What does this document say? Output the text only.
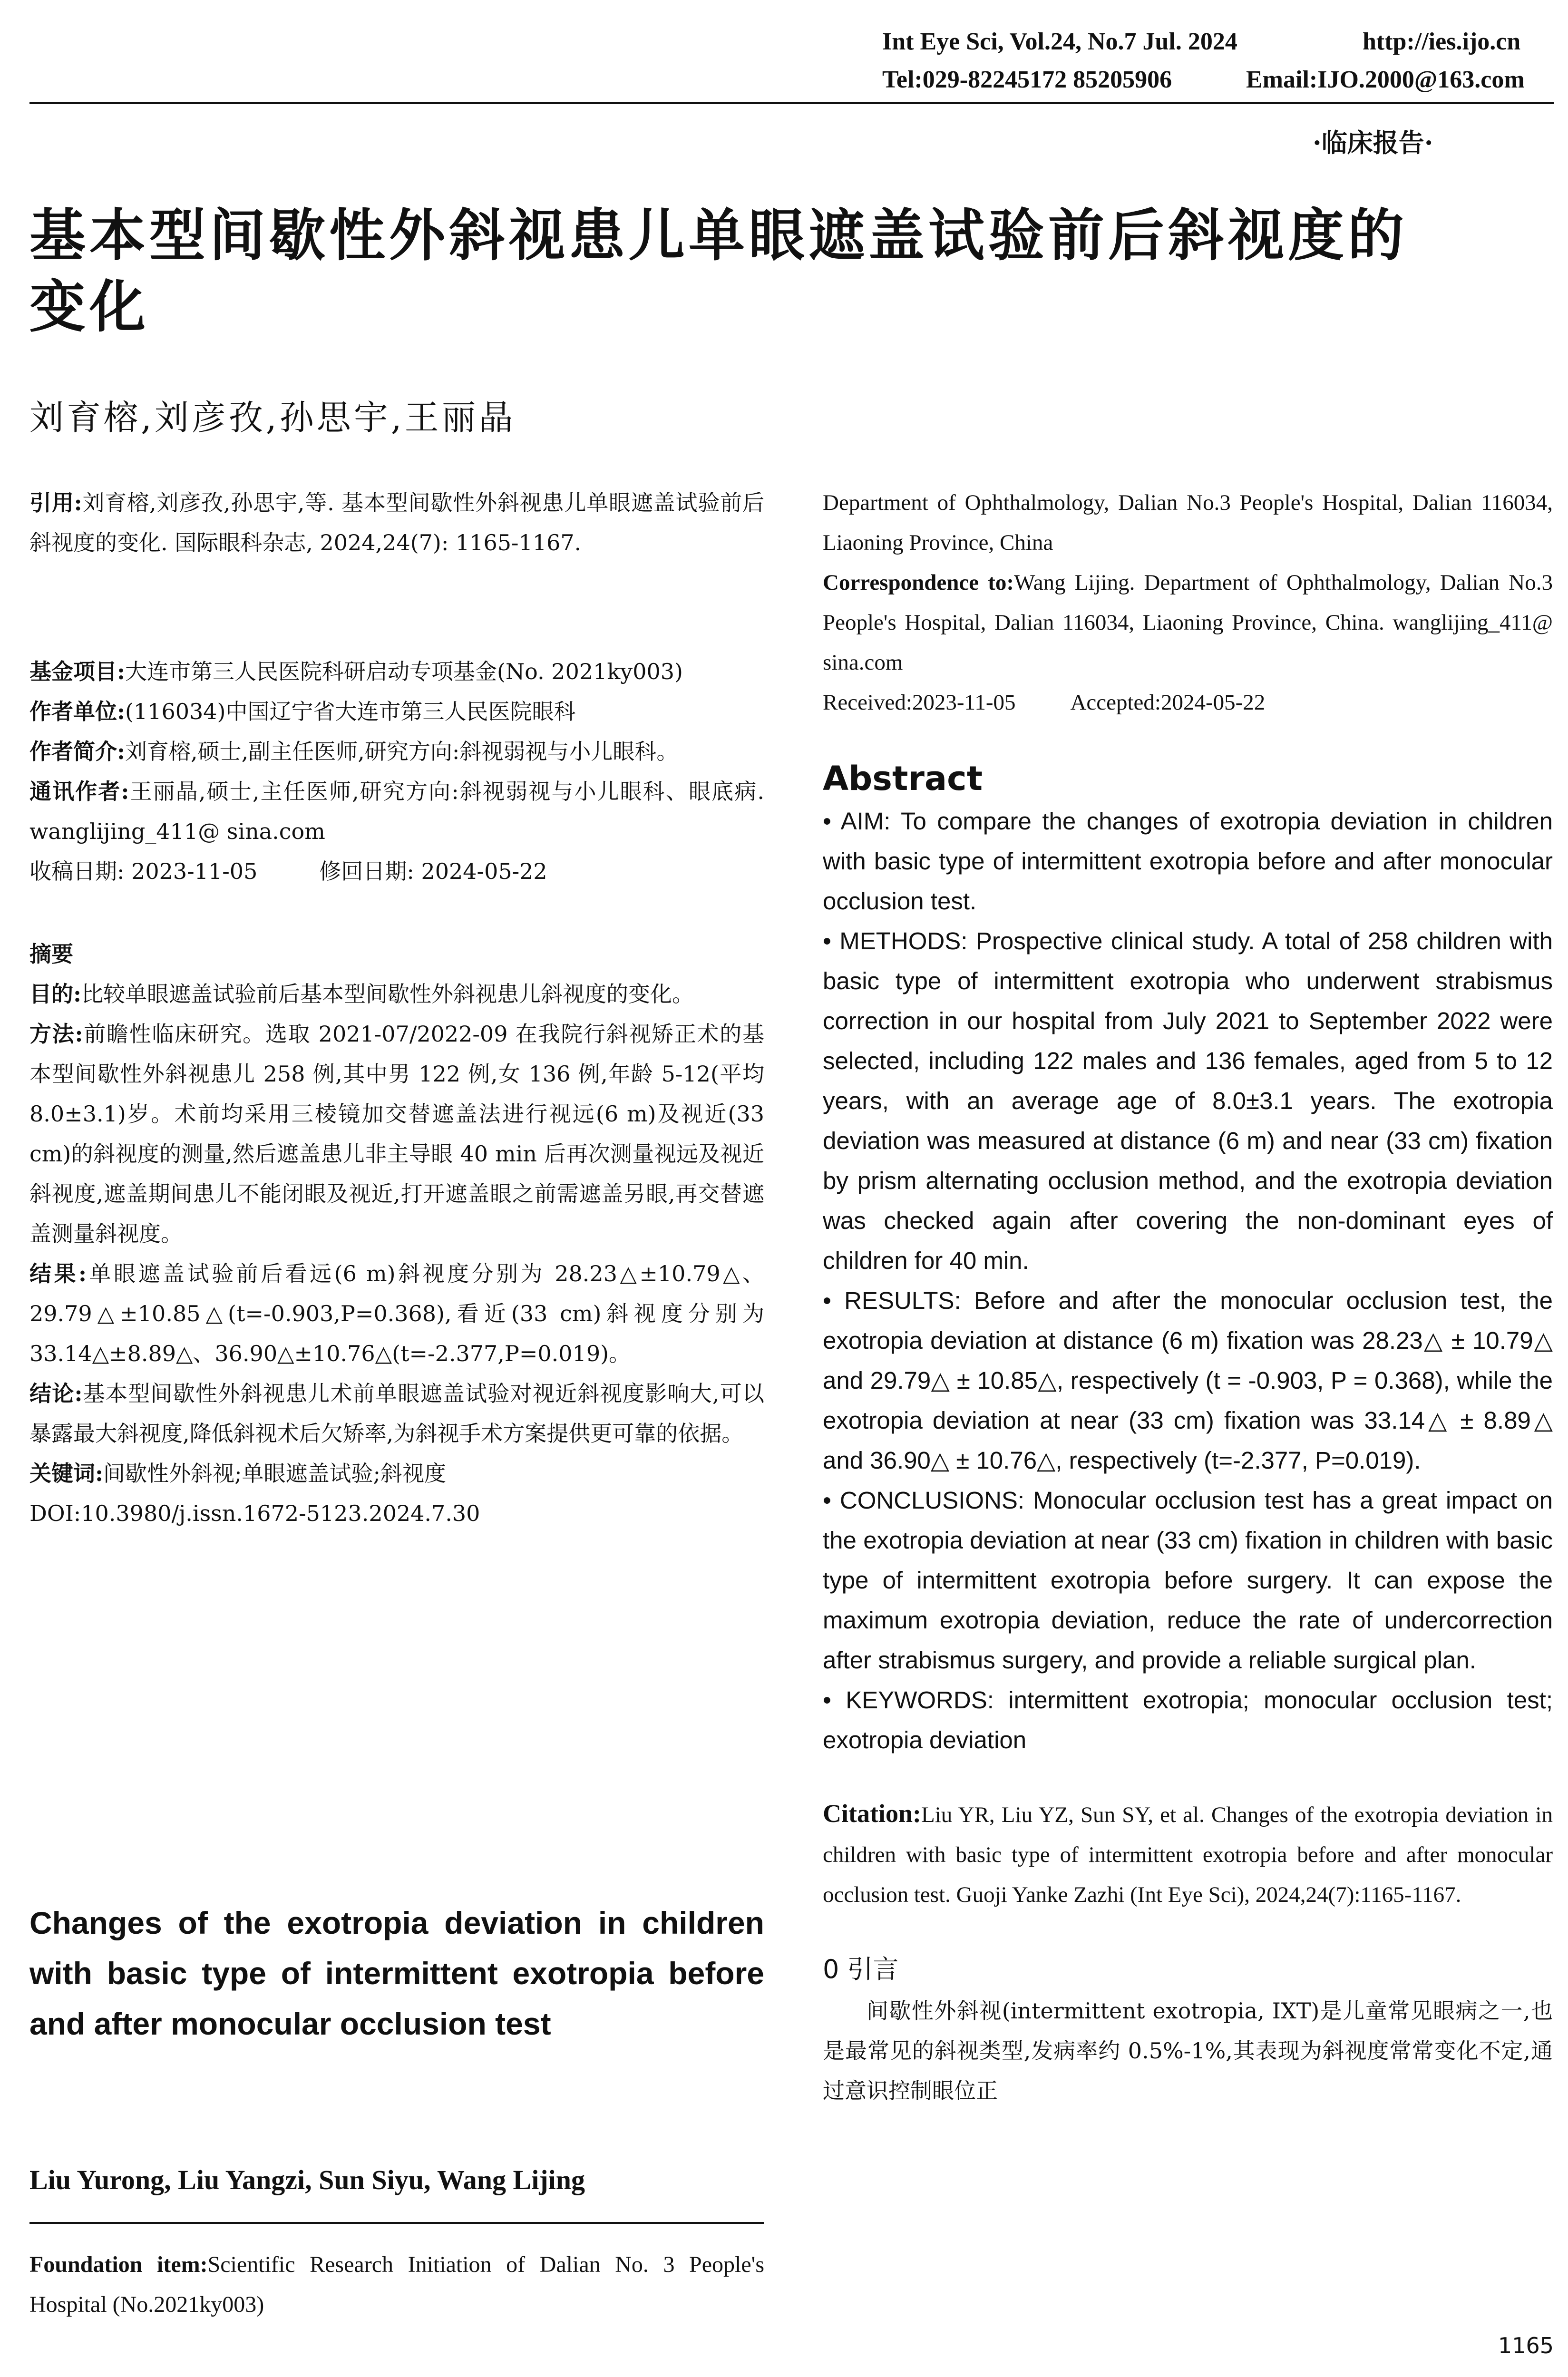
Int Eye Sci, Vol.24, No.7 Jul. 2024	http://ies.ijo.cn
Tel:029-82245172 85205906	Email:IJO.2000@163.com
·临床报告·
基本型间歇性外斜视患儿单眼遮盖试验前后斜视度的
变化
刘育榕,刘彦孜,孙思宇,王丽晶

引用:刘育榕,刘彦孜,孙思宇,等. 基本型间歇性外斜视患儿单眼遮盖试验前后斜视度的变化. 国际眼科杂志, 2024,24(7): 1165-1167.

基金项目:大连市第三人民医院科研启动专项基金(No. 2021ky003)

作者单位:(116034)中国辽宁省大连市第三人民医院眼科

作者简介:刘育榕,硕士,副主任医师,研究方向:斜视弱视与小儿眼科。

通讯作者:王丽晶,硕士,主任医师,研究方向:斜视弱视与小儿眼科、眼底病. wanglijing_411@ sina.com

收稿日期: 2023-11-05	修回日期: 2024-05-22

摘要

目的:比较单眼遮盖试验前后基本型间歇性外斜视患儿斜视度的变化。

方法:前瞻性临床研究。选取 2021-07/2022-09 在我院行斜视矫正术的基本型间歇性外斜视患儿 258 例,其中男 122 例,女 136 例,年龄 5-12(平均 8.0±3.1)岁。术前均采用三棱镜加交替遮盖法进行视远(6 m)及视近(33 cm)的斜视度的测量,然后遮盖患儿非主导眼 40 min 后再次测量视远及视近斜视度,遮盖期间患儿不能闭眼及视近,打开遮盖眼之前需遮盖另眼,再交替遮盖测量斜视度。

结果:单眼遮盖试验前后看远(6 m)斜视度分别为 28.23△±10.79△、29.79△±10.85△(t=-0.903,P=0.368),看近(33 cm)斜视度分别为 33.14△±8.89△、36.90△±10.76△(t=-2.377,P=0.019)。

结论:基本型间歇性外斜视患儿术前单眼遮盖试验对视近斜视度影响大,可以暴露最大斜视度,降低斜视术后欠矫率,为斜视手术方案提供更可靠的依据。

关键词:间歇性外斜视;单眼遮盖试验;斜视度

DOI:10.3980/j.issn.1672-5123.2024.7.30

Changes of the exotropia deviation in children with basic type of intermittent exotropia before and after monocular occlusion test
Liu Yurong, Liu Yangzi, Sun Siyu, Wang Lijing
Foundation item:Scientific Research Initiation of Dalian No. 3 People's Hospital (No.2021ky003)

Department of Ophthalmology, Dalian No.3 People's Hospital, Dalian 116034, Liaoning Province, China

Correspondence to:Wang Lijing. Department of Ophthalmology, Dalian No.3 People's Hospital, Dalian 116034, Liaoning Province, China. wanglijing_411@ sina.com

Received:2023-11-05 Accepted:2024-05-22

Abstract

• AIM: To compare the changes of exotropia deviation in children with basic type of intermittent exotropia before and after monocular occlusion test.

• METHODS: Prospective clinical study. A total of 258 children with basic type of intermittent exotropia who underwent strabismus correction in our hospital from July 2021 to September 2022 were selected, including 122 males and 136 females, aged from 5 to 12 years, with an average age of 8.0±3.1 years. The exotropia deviation was measured at distance (6 m) and near (33 cm) fixation by prism alternating occlusion method, and the exotropia deviation was checked again after covering the non-dominant eyes of children for 40 min.

• RESULTS: Before and after the monocular occlusion test, the exotropia deviation at distance (6 m) fixation was 28.23△ ± 10.79△ and 29.79△ ± 10.85△, respectively (t = -0.903, P = 0.368), while the exotropia deviation at near (33 cm) fixation was 33.14△ ± 8.89△ and 36.90△ ± 10.76△, respectively (t=-2.377, P=0.019).

• CONCLUSIONS: Monocular occlusion test has a great impact on the exotropia deviation at near (33 cm) fixation in children with basic type of intermittent exotropia before surgery. It can expose the maximum exotropia deviation, reduce the rate of undercorrection after strabismus surgery, and provide a reliable surgical plan.

• KEYWORDS: intermittent exotropia; monocular occlusion test; exotropia deviation

Citation:Liu YR, Liu YZ, Sun SY, et al. Changes of the exotropia deviation in children with basic type of intermittent exotropia before and after monocular occlusion test. Guoji Yanke Zazhi (Int Eye Sci), 2024,24(7):1165-1167.

0 引言

间歇性外斜视(intermittent exotropia, IXT)是儿童常见眼病之一,也是最常见的斜视类型,发病率约 0.5%-1%,其表现为斜视度常常变化不定,通过意识控制眼位正

1165
